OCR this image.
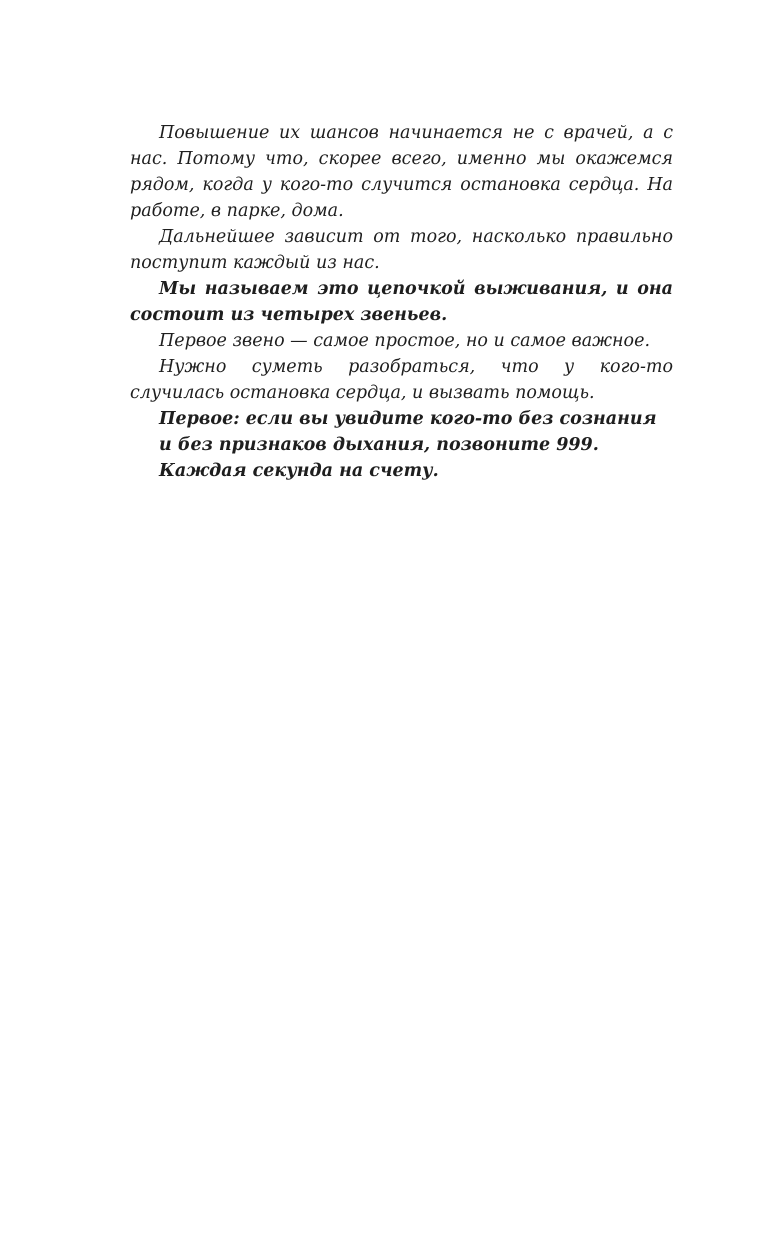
Повышение их шансов начинается не с врачей, а с нас. Потому что, скорее всего, именно мы окажемся рядом, когда у кого-то случится остановка сердца. На работе, в парке, дома.

Дальнейшее зависит от того, насколько правильно поступит каждый из нас.

Мы называем это цепочкой выживания, и она состоит из четырех звеньев.

Первое звено — самое простое, но и самое важное.

Нужно суметь разобраться, что у кого-то случилась остановка сердца, и вызвать помощь.

Первое: если вы увидите кого-то без сознания
и без признаков дыхания, позвоните 999.
Каждая секунда на счету.
